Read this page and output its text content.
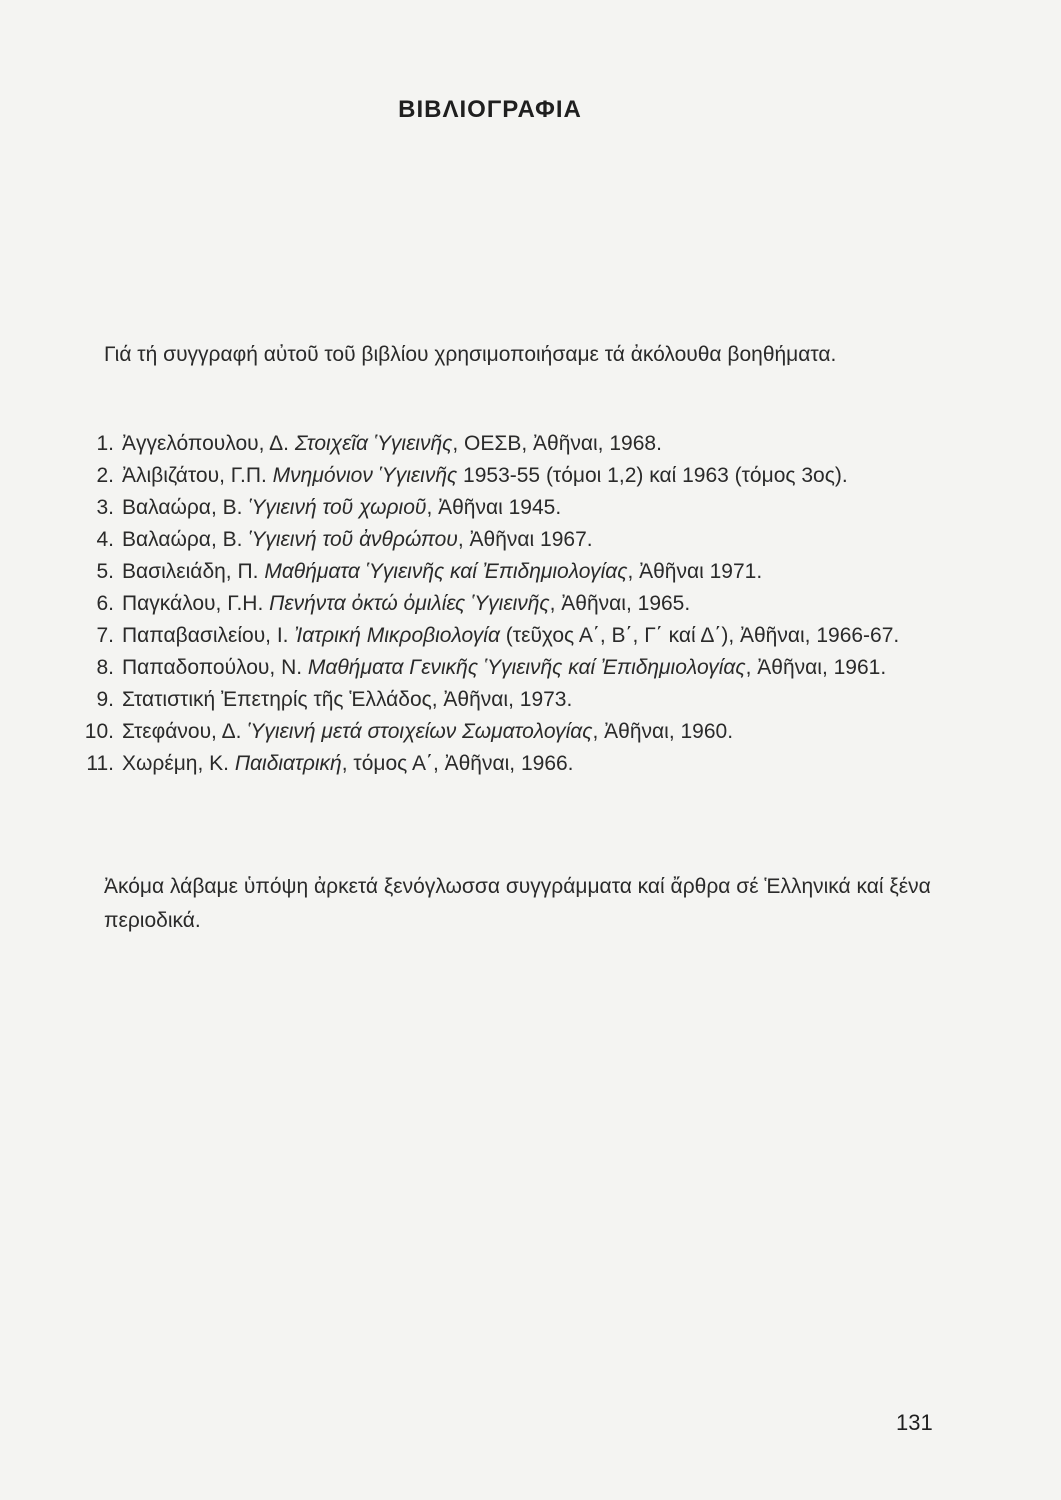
ΒΙΒΛΙΟΓΡΑΦΙΑ

Γιά τή συγγραφή αὐτοῦ τοῦ βιβλίου χρησιμοποιήσαμε τά ἀκόλουθα βοηθήματα.

1. Ἀγγελόπουλου, Δ. Στοιχεῖα Ὑγιεινῆς, ΟΕΣΒ, Ἀθῆναι, 1968.
2. Ἀλιβιζάτου, Γ.Π. Μνημόνιον Ὑγιεινῆς 1953-55 (τόμοι 1,2) καί 1963 (τόμος 3ος).
3. Βαλαώρα, Β. Ὑγιεινή τοῦ χωριοῦ, Ἀθῆναι 1945.
4. Βαλαώρα, Β. Ὑγιεινή τοῦ ἀνθρώπου, Ἀθῆναι 1967.
5. Βασιλειάδη, Π. Μαθήματα Ὑγιεινῆς καί Ἐπιδημιολογίας, Ἀθῆναι 1971.
6. Παγκάλου, Γ.Η. Πενήντα ὀκτώ ὁμιλίες Ὑγιεινῆς, Ἀθῆναι, 1965.
7. Παπαβασιλείου, Ι. Ἰατρική Μικροβιολογία (τεῦχος Α΄, Β΄, Γ΄ καί Δ΄), Ἀθῆναι, 1966-67.
8. Παπαδοπούλου, Ν. Μαθήματα Γενικῆς Ὑγιεινῆς καί Ἐπιδημιολογίας, Ἀθῆναι, 1961.
9. Στατιστική Ἐπετηρίς τῆς Ἑλλάδος, Ἀθῆναι, 1973.
10. Στεφάνου, Δ. Ὑγιεινή μετά στοιχείων Σωματολογίας, Ἀθῆναι, 1960.
11. Χωρέμη, Κ. Παιδιατρική, τόμος Α΄, Ἀθῆναι, 1966.

Ἀκόμα λάβαμε ὑπόψη ἀρκετά ξενόγλωσσα συγγράμματα καί ἄρθρα σέ Ἑλληνικά καί ξένα περιοδικά.

131
